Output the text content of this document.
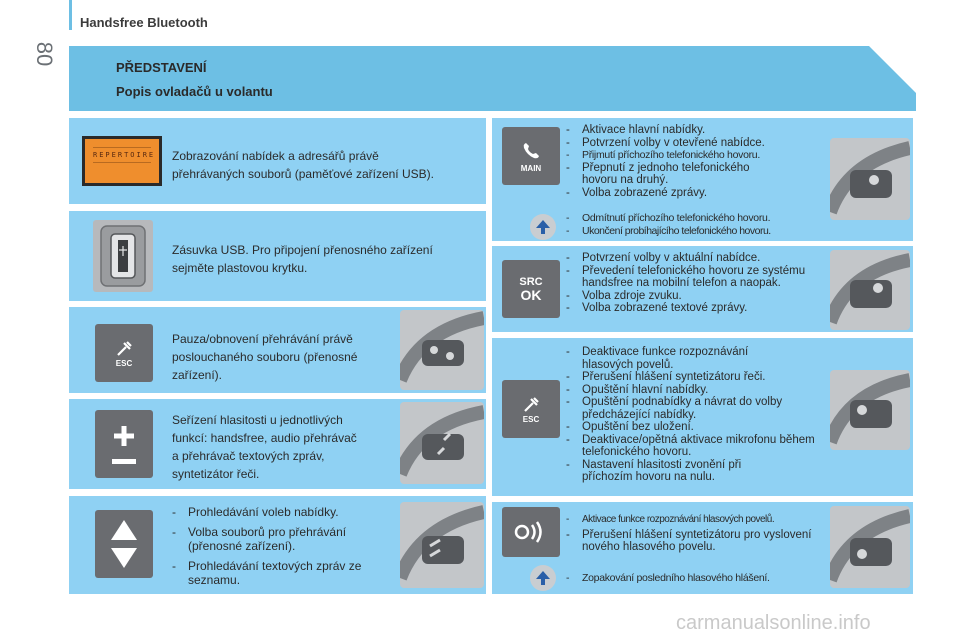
80
Handsfree Bluetooth
PŘEDSTAVENÍ
Popis ovladačů u volantu
REPERTOIRE Zobrazování nabídek a adresářů právě
přehrávaných souborů (paměťové zařízení USB).
Zásuvka USB. Pro připojení přenosného zařízení
sejměte plastovou krytku.
ESC
Pauza/obnovení přehrávání právě
poslouchaného souboru (přenosné
zařízení).
Seřízení hlasitosti u jednotlivých
funkcí: handsfree, audio přehrávač
a přehrávač textových zpráv,
syntetizátor řeči.
- Prohledávání voleb nabídky.
- Volba souborů pro přehrávání (přenosné zařízení).
- Prohledávání textových zpráv ze seznamu.
MAIN
- Aktivace hlavní nabídky.
- Potvrzení volby v otevřené nabídce.
- Přijmutí příchozího telefonického hovoru.
- Přepnutí z jednoho telefonického hovoru na druhý.
- Volba zobrazené zprávy.
- Odmítnutí příchozího telefonického hovoru.
- Ukončení probíhajícího telefonického hovoru.
SRC
OK
- Potvrzení volby v aktuální nabídce.
- Převedení telefonického hovoru ze systému handsfree na mobilní telefon a naopak.
- Volba zdroje zvuku.
- Volba zobrazené textové zprávy.
ESC
- Deaktivace funkce rozpoznávání hlasových povelů.
- Přerušení hlášení syntetizátoru řeči.
- Opuštění hlavní nabídky.
- Opuštění podnabídky a návrat do volby předcházející nabídky.
- Opuštění bez uložení.
- Deaktivace/opětná aktivace mikrofonu během telefonického hovoru.
- Nastavení hlasitosti zvonění při příchozím hovoru na nulu.
- Aktivace funkce rozpoznávání hlasových povelů.
- Přerušení hlášení syntetizátoru pro vyslovení nového hlasového povelu.
- Zopakování posledního hlasového hlášení.
carmanualsonline.info
